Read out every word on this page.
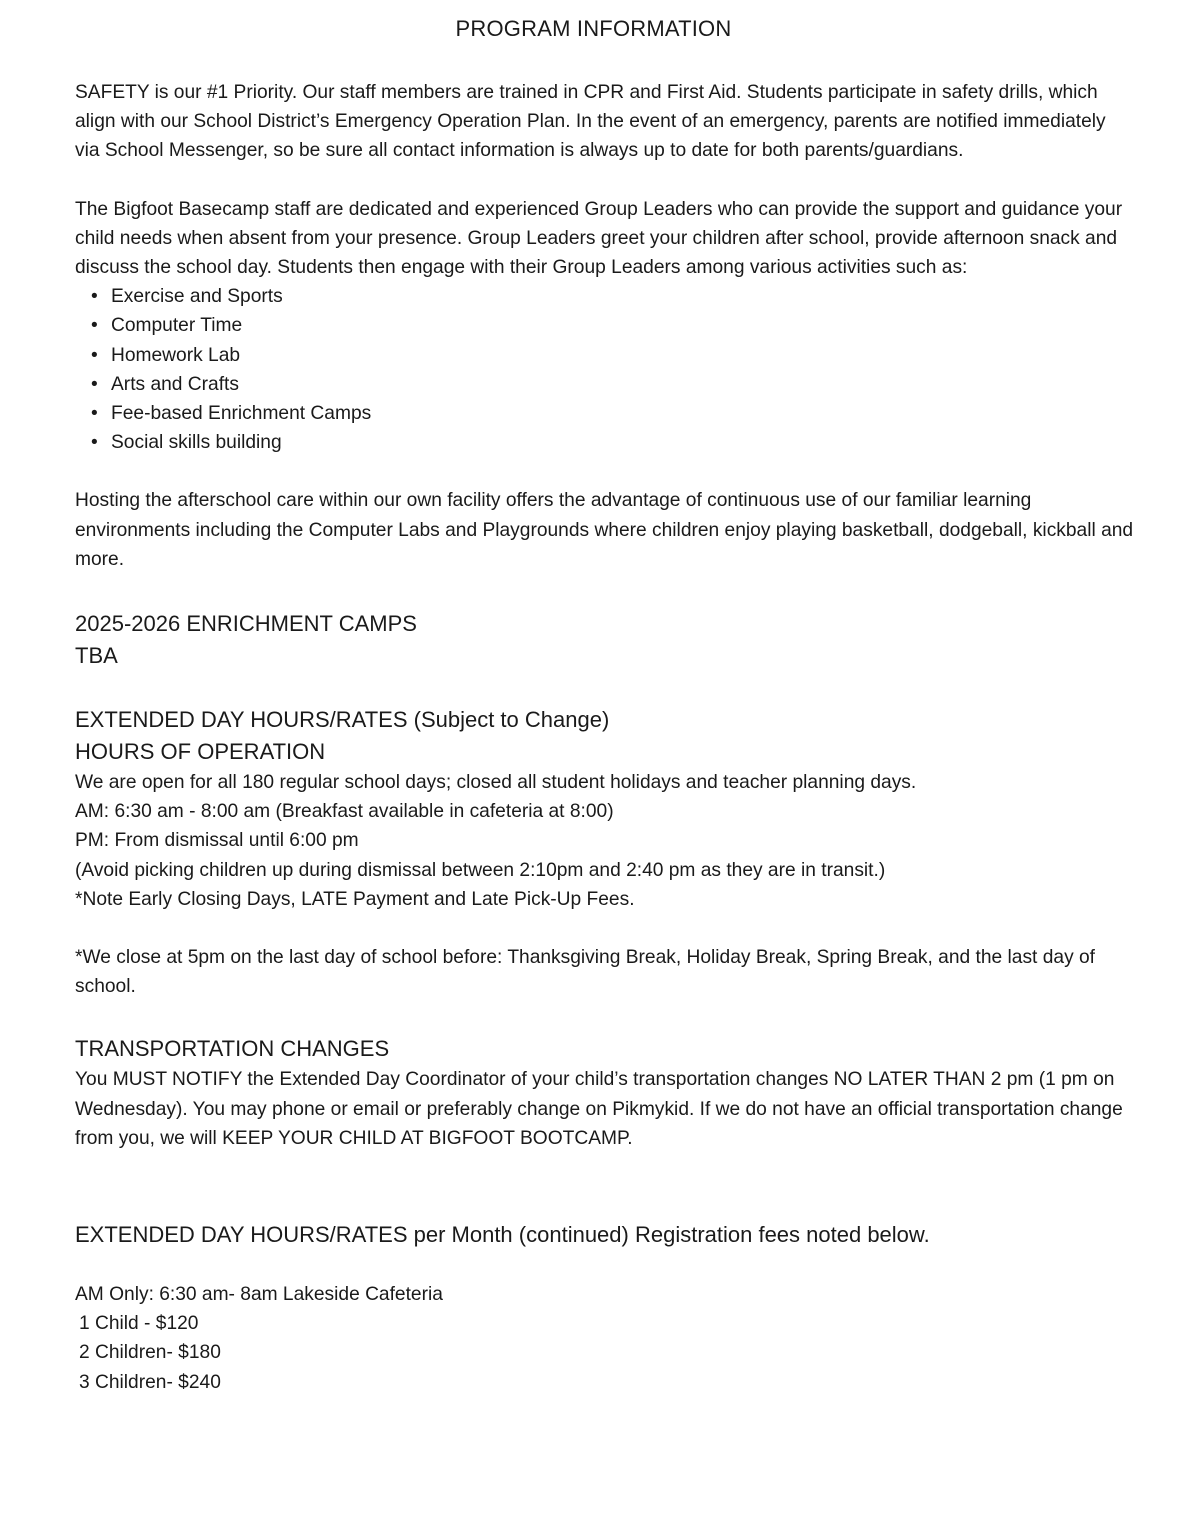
PROGRAM INFORMATION

SAFETY is our #1 Priority. Our staff members are trained in CPR and First Aid. Students participate in safety drills, which align with our School District’s Emergency Operation Plan. In the event of an emergency, parents are notified immediately via School Messenger, so be sure all contact information is always up to date for both parents/guardians.

The Bigfoot Basecamp staff are dedicated and experienced Group Leaders who can provide the support and guidance your child needs when absent from your presence. Group Leaders greet your children after school, provide afternoon snack and discuss the school day. Students then engage with their Group Leaders among various activities such as:

• Exercise and Sports
• Computer Time
• Homework Lab
• Arts and Crafts
• Fee-based Enrichment Camps
• Social skills building

Hosting the afterschool care within our own facility offers the advantage of continuous use of our familiar learning environments including the Computer Labs and Playgrounds where children enjoy playing basketball, dodgeball, kickball and more.

2025-2026 ENRICHMENT CAMPS
TBA
EXTENDED DAY HOURS/RATES (Subject to Change)
HOURS OF OPERATION
We are open for all 180 regular school days; closed all student holidays and teacher planning days.
AM: 6:30 am - 8:00 am (Breakfast available in cafeteria at 8:00)
PM: From dismissal until 6:00 pm
(Avoid picking children up during dismissal between 2:10pm and 2:40 pm as they are in transit.)
*Note Early Closing Days, LATE Payment and Late Pick-Up Fees.

*We close at 5pm on the last day of school before: Thanksgiving Break, Holiday Break, Spring Break, and the last day of school.

TRANSPORTATION CHANGES

You MUST NOTIFY the Extended Day Coordinator of your child’s transportation changes NO LATER THAN 2 pm (1 pm on Wednesday). You may phone or email or preferably change on Pikmykid. If we do not have an official transportation change from you, we will KEEP YOUR CHILD AT BIGFOOT BOOTCAMP.

EXTENDED DAY HOURS/RATES per Month (continued) Registration fees noted below.
AM Only: 6:30 am- 8am Lakeside Cafeteria
1 Child - $120
2 Children- $180
3 Children- $240
